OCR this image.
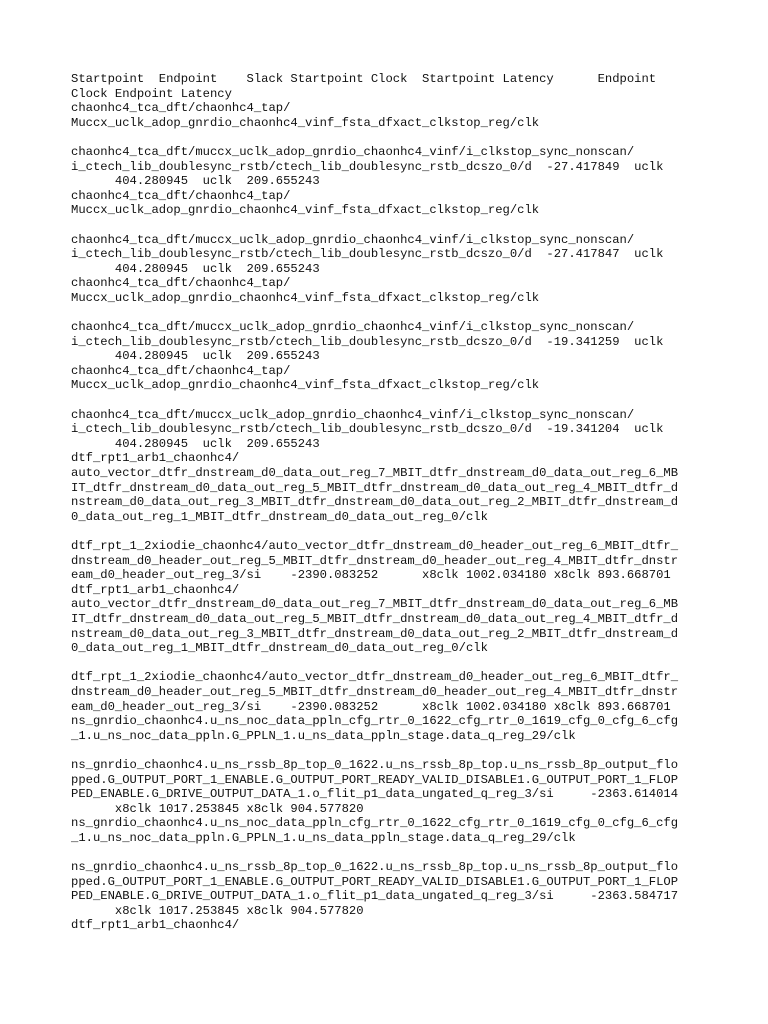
Startpoint  Endpoint    Slack Startpoint Clock  Startpoint Latency      Endpoint
Clock Endpoint Latency
chaonhc4_tca_dft/chaonhc4_tap/
Muccx_uclk_adop_gnrdio_chaonhc4_vinf_fsta_dfxact_clkstop_reg/clk
chaonhc4_tca_dft/muccx_uclk_adop_gnrdio_chaonhc4_vinf/i_clkstop_sync_nonscan/
i_ctech_lib_doublesync_rstb/ctech_lib_doublesync_rstb_dcszo_0/d  -27.417849  uclk
404.280945  uclk  209.655243
chaonhc4_tca_dft/chaonhc4_tap/
Muccx_uclk_adop_gnrdio_chaonhc4_vinf_fsta_dfxact_clkstop_reg/clk
chaonhc4_tca_dft/muccx_uclk_adop_gnrdio_chaonhc4_vinf/i_clkstop_sync_nonscan/
i_ctech_lib_doublesync_rstb/ctech_lib_doublesync_rstb_dcszo_0/d  -27.417847  uclk
404.280945  uclk  209.655243
chaonhc4_tca_dft/chaonhc4_tap/
Muccx_uclk_adop_gnrdio_chaonhc4_vinf_fsta_dfxact_clkstop_reg/clk
chaonhc4_tca_dft/muccx_uclk_adop_gnrdio_chaonhc4_vinf/i_clkstop_sync_nonscan/
i_ctech_lib_doublesync_rstb/ctech_lib_doublesync_rstb_dcszo_0/d  -19.341259  uclk
404.280945  uclk  209.655243
chaonhc4_tca_dft/chaonhc4_tap/
Muccx_uclk_adop_gnrdio_chaonhc4_vinf_fsta_dfxact_clkstop_reg/clk
chaonhc4_tca_dft/muccx_uclk_adop_gnrdio_chaonhc4_vinf/i_clkstop_sync_nonscan/
i_ctech_lib_doublesync_rstb/ctech_lib_doublesync_rstb_dcszo_0/d  -19.341204  uclk
404.280945  uclk  209.655243
dtf_rpt1_arb1_chaonhc4/
auto_vector_dtfr_dnstream_d0_data_out_reg_7_MBIT_dtfr_dnstream_d0_data_out_reg_6_MB
IT_dtfr_dnstream_d0_data_out_reg_5_MBIT_dtfr_dnstream_d0_data_out_reg_4_MBIT_dtfr_d
nstream_d0_data_out_reg_3_MBIT_dtfr_dnstream_d0_data_out_reg_2_MBIT_dtfr_dnstream_d
0_data_out_reg_1_MBIT_dtfr_dnstream_d0_data_out_reg_0/clk
dtf_rpt_1_2xiodie_chaonhc4/auto_vector_dtfr_dnstream_d0_header_out_reg_6_MBIT_dtfr_
dnstream_d0_header_out_reg_5_MBIT_dtfr_dnstream_d0_header_out_reg_4_MBIT_dtfr_dnstr
eam_d0_header_out_reg_3/si    -2390.083252      x8clk 1002.034180 x8clk 893.668701
dtf_rpt1_arb1_chaonhc4/
auto_vector_dtfr_dnstream_d0_data_out_reg_7_MBIT_dtfr_dnstream_d0_data_out_reg_6_MB
IT_dtfr_dnstream_d0_data_out_reg_5_MBIT_dtfr_dnstream_d0_data_out_reg_4_MBIT_dtfr_d
nstream_d0_data_out_reg_3_MBIT_dtfr_dnstream_d0_data_out_reg_2_MBIT_dtfr_dnstream_d
0_data_out_reg_1_MBIT_dtfr_dnstream_d0_data_out_reg_0/clk
dtf_rpt_1_2xiodie_chaonhc4/auto_vector_dtfr_dnstream_d0_header_out_reg_6_MBIT_dtfr_
dnstream_d0_header_out_reg_5_MBIT_dtfr_dnstream_d0_header_out_reg_4_MBIT_dtfr_dnstr
eam_d0_header_out_reg_3/si    -2390.083252      x8clk 1002.034180 x8clk 893.668701
ns_gnrdio_chaonhc4.u_ns_noc_data_ppln_cfg_rtr_0_1622_cfg_rtr_0_1619_cfg_0_cfg_6_cfg
_1.u_ns_noc_data_ppln.G_PPLN_1.u_ns_data_ppln_stage.data_q_reg_29/clk
ns_gnrdio_chaonhc4.u_ns_rssb_8p_top_0_1622.u_ns_rssb_8p_top.u_ns_rssb_8p_output_flo
pped.G_OUTPUT_PORT_1_ENABLE.G_OUTPUT_PORT_READY_VALID_DISABLE1.G_OUTPUT_PORT_1_FLOP
PED_ENABLE.G_DRIVE_OUTPUT_DATA_1.o_flit_p1_data_ungated_q_reg_3/si     -2363.614014
x8clk 1017.253845 x8clk 904.577820
ns_gnrdio_chaonhc4.u_ns_noc_data_ppln_cfg_rtr_0_1622_cfg_rtr_0_1619_cfg_0_cfg_6_cfg
_1.u_ns_noc_data_ppln.G_PPLN_1.u_ns_data_ppln_stage.data_q_reg_29/clk
ns_gnrdio_chaonhc4.u_ns_rssb_8p_top_0_1622.u_ns_rssb_8p_top.u_ns_rssb_8p_output_flo
pped.G_OUTPUT_PORT_1_ENABLE.G_OUTPUT_PORT_READY_VALID_DISABLE1.G_OUTPUT_PORT_1_FLOP
PED_ENABLE.G_DRIVE_OUTPUT_DATA_1.o_flit_p1_data_ungated_q_reg_3/si     -2363.584717
x8clk 1017.253845 x8clk 904.577820
dtf_rpt1_arb1_chaonhc4/
